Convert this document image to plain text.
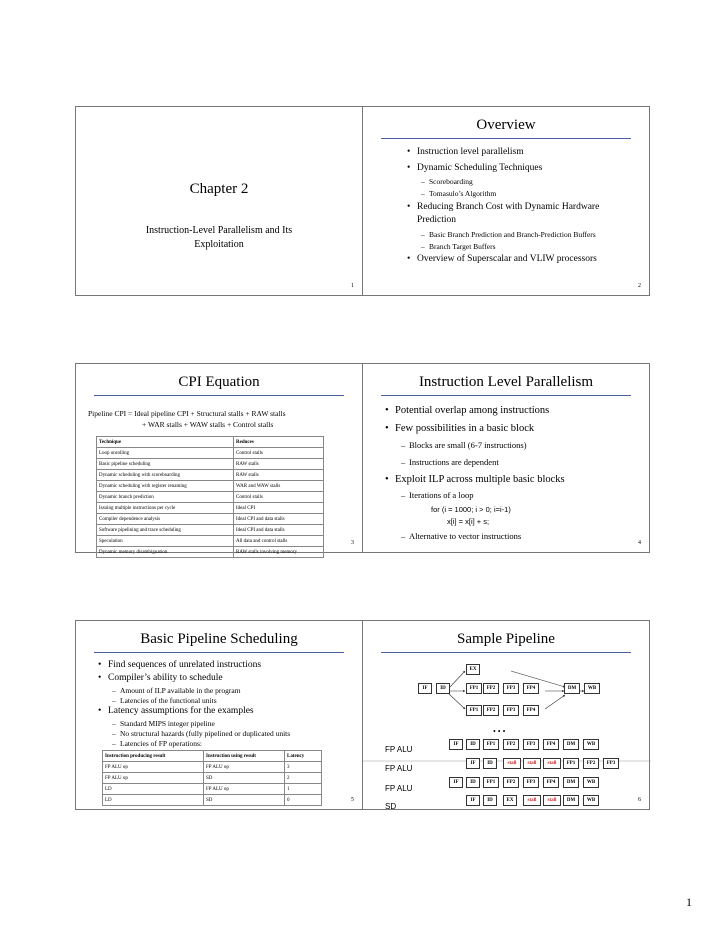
Chapter 2
Instruction-Level Parallelism and Its
Exploitation
1
Overview
• Instruction level parallelism
• Dynamic Scheduling Techniques
– Scoreboarding
– Tomasulo’s Algorithm
• Reducing Branch Cost with Dynamic Hardware
Prediction
– Basic Branch Prediction and Branch-Prediction Buffers
– Branch Target Buffers
• Overview of Superscalar and VLIW processors
2
CPI Equation
Pipeline CPI = Ideal pipeline CPI + Structural stalls + RAW stalls
+ WAR stalls + WAW stalls + Control stalls
Technique	Reduces
Loop unrolling	Control stalls
Basic pipeline scheduling	RAW stalls
Dynamic scheduling with scoreboarding	RAW stalls
Dynamic scheduling with register renaming	WAR and WAW stalls
Dynamic branch prediction	Control stalls
Issuing multiple instructions per cycle	Ideal CPI
Compiler dependence analysis	Ideal CPI and data stalls
Software pipelining and trace scheduling	Ideal CPI and data stalls
Speculation	All data and control stalls
Dynamic memory disambiguation	RAW stalls involving memory
3
Instruction Level Parallelism
• Potential overlap among instructions
• Few possibilities in a basic block
– Blocks are small (6-7 instructions)
– Instructions are dependent
• Exploit ILP across multiple basic blocks
– Iterations of a loop
for (i = 1000; i > 0; i=i-1)
x[i] = x[i] + s;
– Alternative to vector instructions
4
Basic Pipeline Scheduling
• Find sequences of unrelated instructions
• Compiler’s ability to schedule
– Amount of ILP available in the program
– Latencies of the functional units
• Latency assumptions for the examples
– Standard MIPS integer pipeline
– No structural hazards (fully pipelined or duplicated units
– Latencies of FP operations:
Instruction producing result	Instruction using result	Latency
FP ALU op	FP ALU op	3
FP ALU op	SD	2
LD	FP ALU op	1
LD	SD	0	5
Sample Pipeline
EX
IF	ID	FP1	FP2	FP3	FP4	DM	WB
FP1	FP2	FP3	FP4
IF	ID	FP1	FP2	FP3	FP4	DM	WB
IF	ID	stall	stall	stall	FP1	FP2	FP3
IF	ID	FP1	FP2	FP3	FP4	DM	WB
IF	ID	EX	stall	stall	DM	WB
• • •
FP ALU
FP ALU
FP ALU
SD
6
1
